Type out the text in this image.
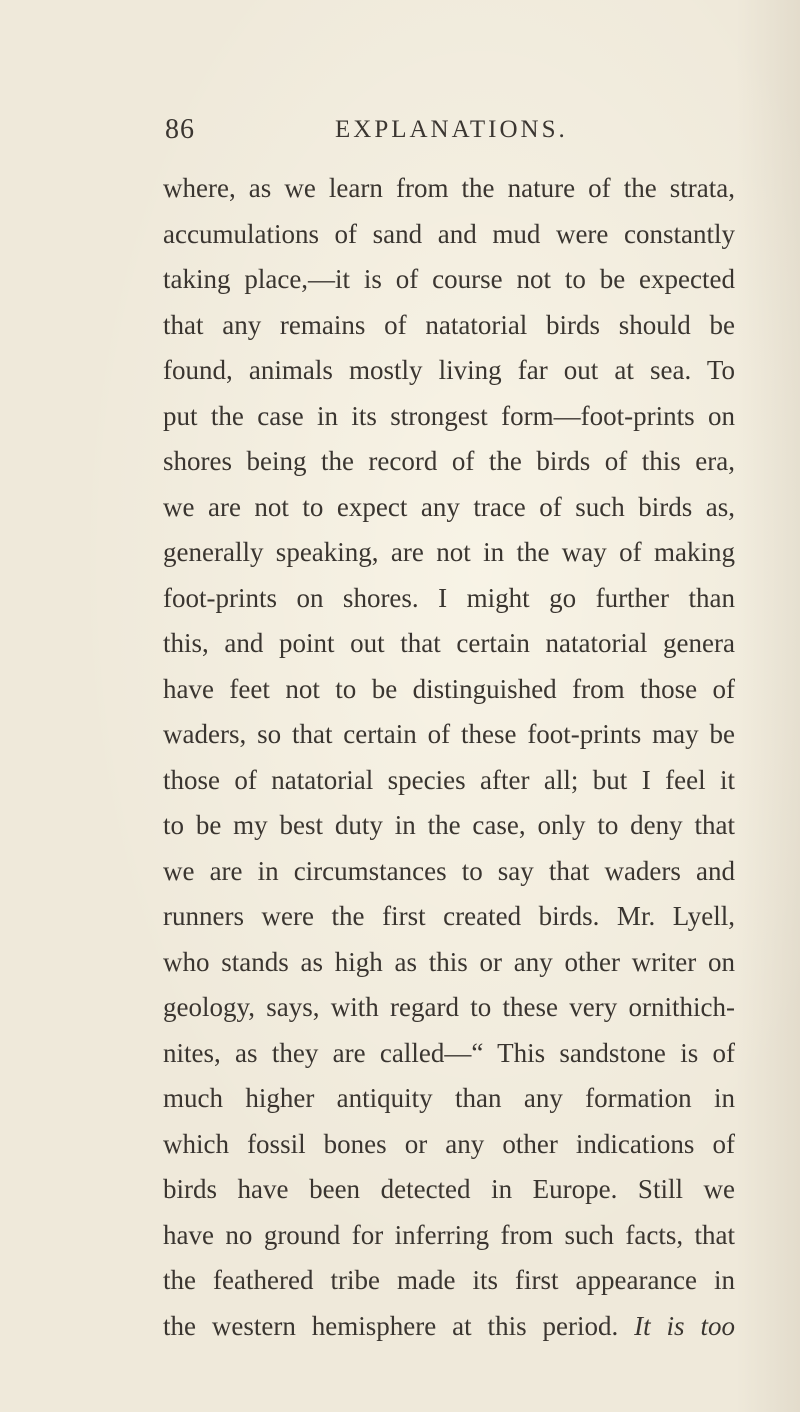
86	EXPLANATIONS.
where, as we learn from the nature of the strata,
accumulations of sand and mud were constantly
taking place,—it is of course not to be expected
that any remains of natatorial birds should be
found, animals mostly living far out at sea. To
put the case in its strongest form—foot-prints on
shores being the record of the birds of this era,
we are not to expect any trace of such birds as,
generally speaking, are not in the way of making
foot-prints on shores. I might go further than
this, and point out that certain natatorial genera
have feet not to be distinguished from those of
waders, so that certain of these foot-prints may be
those of natatorial species after all; but I feel it
to be my best duty in the case, only to deny that
we are in circumstances to say that waders and
runners were the first created birds. Mr. Lyell,
who stands as high as this or any other writer on
geology, says, with regard to these very ornithich-
nites, as they are called—“ This sandstone is of
much higher antiquity than any formation in
which fossil bones or any other indications of
birds have been detected in Europe. Still we
have no ground for inferring from such facts, that
the feathered tribe made its first appearance in
the western hemisphere at this period. It is too
